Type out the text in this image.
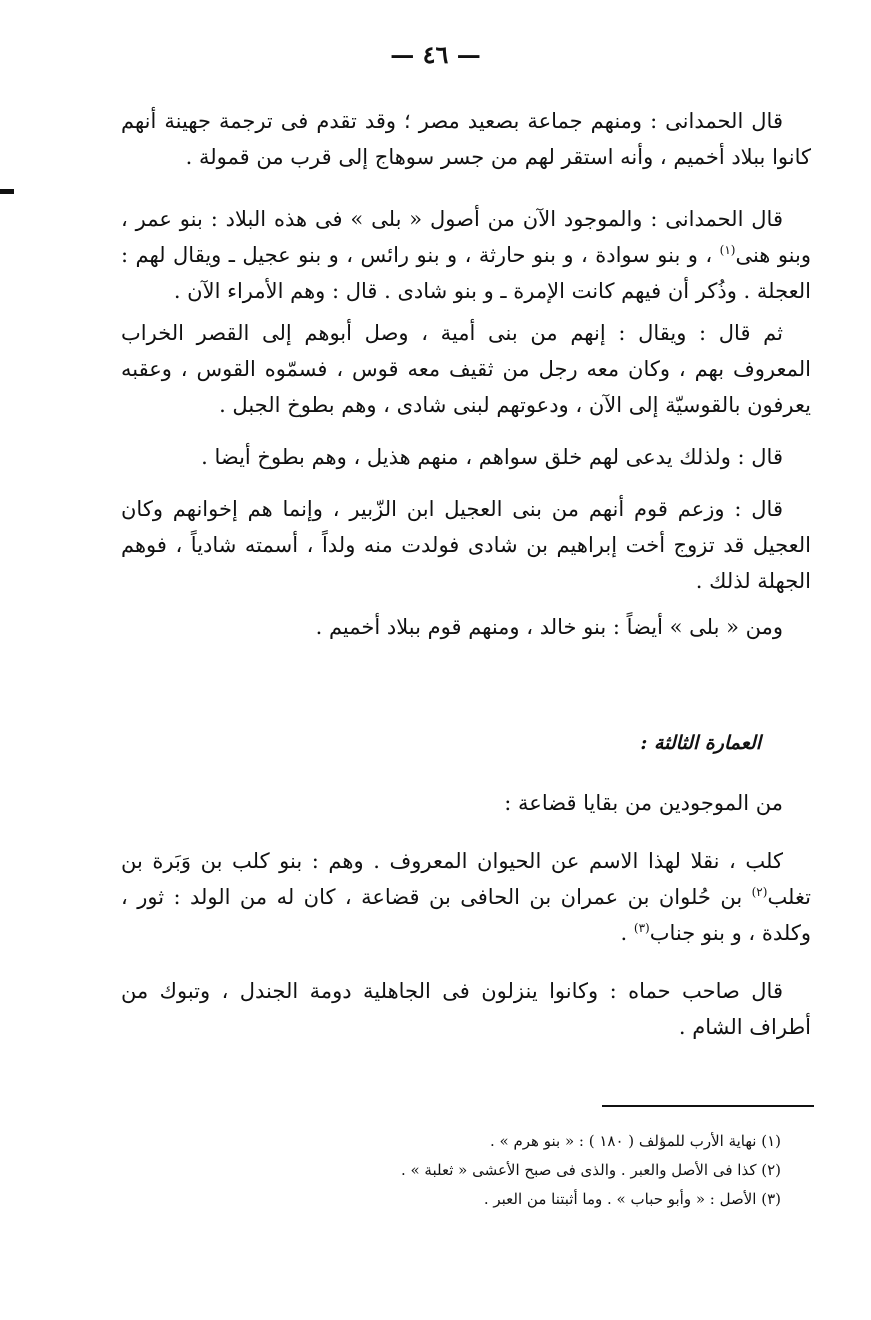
— ٤٦ —

قال الحمدانى : ومنهم جماعة بصعيد مصر ؛ وقد تقدم فى ترجمة جهينة أنهم كانوا ببلاد أخميم ، وأنه استقر لهم من جسر سوهاج إلى قرب من قمولة .

قال الحمدانى : والموجود الآن من أصول « بلى » فى هذه البلاد : بنو عمر ، وبنو هنى$^{(١)}$ ، و بنو سوادة ، و بنو حارثة ، و بنو رائس ، و بنو عجيل ـ ويقال لهم : العجلة . وذُكر أن فيهم كانت الإمرة ـ و بنو شادى . قال : وهم الأمراء الآن .

ثم قال : ويقال : إنهم من بنى أمية ، وصل أبوهم إلى القصر الخراب المعروف بهم ، وكان معه رجل من ثقيف معه قوس ، فسمّوه القوس ، وعقبه يعرفون بالقوسيّة إلى الآن ، ودعوتهم لبنى شادى ، وهم بطوخ الجبل .

قال : ولذلك يدعى لهم خلق سواهم ، منهم هذيل ، وهم بطوخ أيضا .

قال : وزعم قوم أنهم من بنى العجيل ابن الزّبير ، وإنما هم إخوانهم وكان العجيل قد تزوج أخت إبراهيم بن شادى فولدت منه ولداً ، أسمته شادياً ، فوهم الجهلة لذلك .

ومن « بلى » أيضاً : بنو خالد ، ومنهم قوم ببلاد أخميم .

العمارة الثالثة :

من الموجودين من بقايا قضاعة :

كلب ، نقلا لهذا الاسم عن الحيوان المعروف . وهم : بنو كلب بن وَبَرة بن تغلب$^{(٢)}$ بن حُلوان بن عمران بن الحافى بن قضاعة ، كان له من الولد : ثور ، وكلدة ، و بنو جناب$^{(٣)}$ .

قال صاحب حماه : وكانوا ينزلون فى الجاهلية دومة الجندل ، وتبوك من أطراف الشام .

(١) نهاية الأرب للمؤلف ( ١٨٠ ) : « بنو هرم » .

(٢) كذا فى الأصل والعبر . والذى فى صبح الأعشى « ثعلبة » .

(٣) الأصل : « وأبو حباب » . وما أثبتنا من العبر .
